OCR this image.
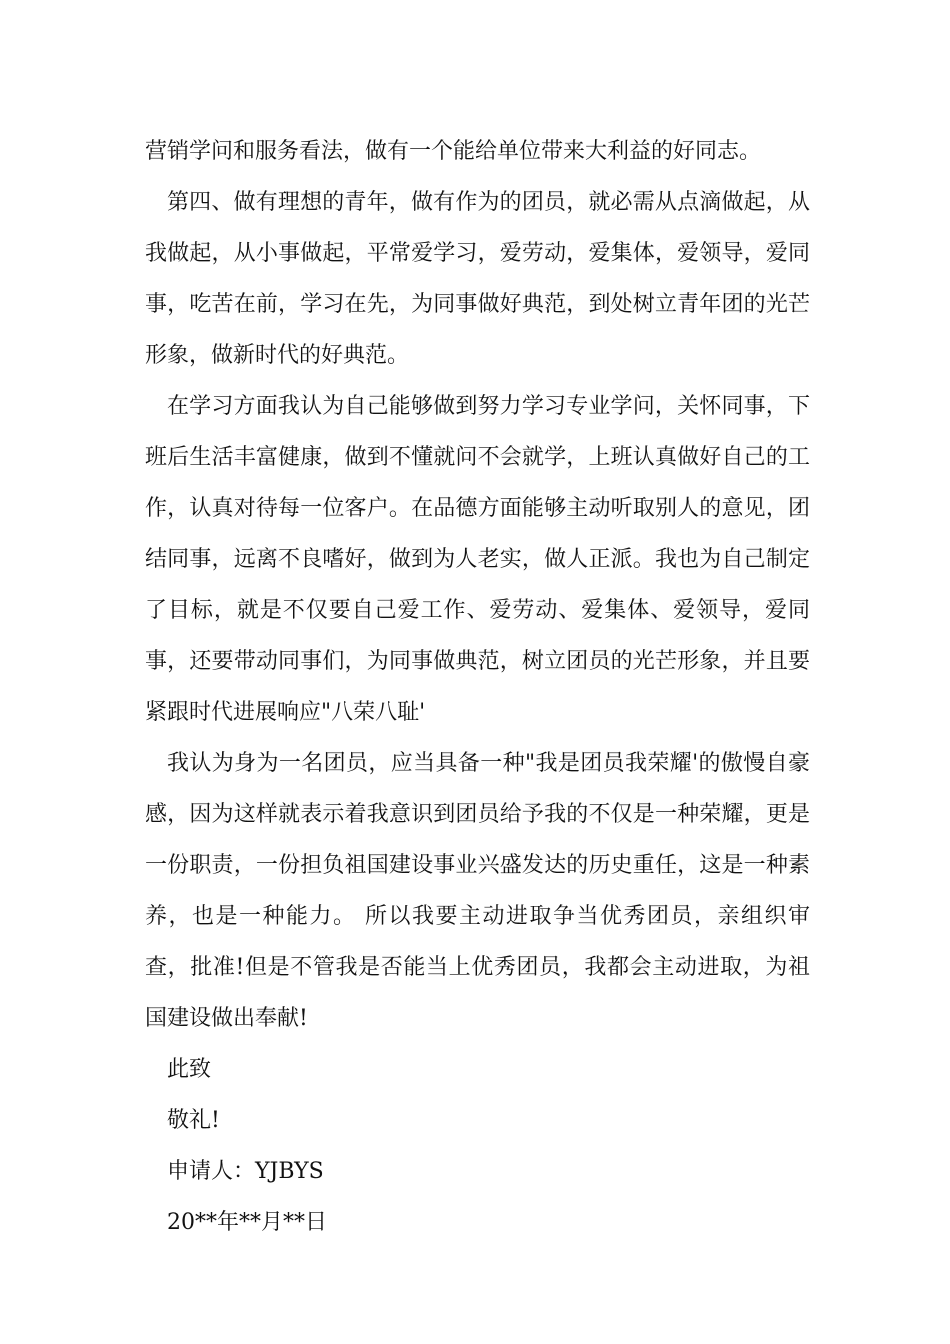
营销学问和服务看法，做有一个能给单位带来大利益的好同志。

第四、做有理想的青年，做有作为的团员，就必需从点滴做起，从我做起，从小事做起，平常爱学习，爱劳动，爱集体，爱领导，爱同事，吃苦在前，学习在先，为同事做好典范，到处树立青年团的光芒形象，做新时代的好典范。

在学习方面我认为自己能够做到努力学习专业学问，关怀同事，下班后生活丰富健康，做到不懂就问不会就学，上班认真做好自己的工作，认真对待每一位客户。在品德方面能够主动听取别人的意见，团结同事，远离不良嗜好，做到为人老实，做人正派。我也为自己制定了目标，就是不仅要自己爱工作、爱劳动、爱集体、爱领导，爱同事，还要带动同事们，为同事做典范，树立团员的光芒形象，并且要紧跟时代进展响应"八荣八耻'

我认为身为一名团员，应当具备一种"我是团员我荣耀'的傲慢自豪感，因为这样就表示着我意识到团员给予我的不仅是一种荣耀，更是一份职责，一份担负祖国建设事业兴盛发达的历史重任，这是一种素养，也是一种能力。 所以我要主动进取争当优秀团员，亲组织审查，批准!但是不管我是否能当上优秀团员，我都会主动进取，为祖国建设做出奉献!

此致

敬礼!

申请人：YJBYS

20**年**月**日
